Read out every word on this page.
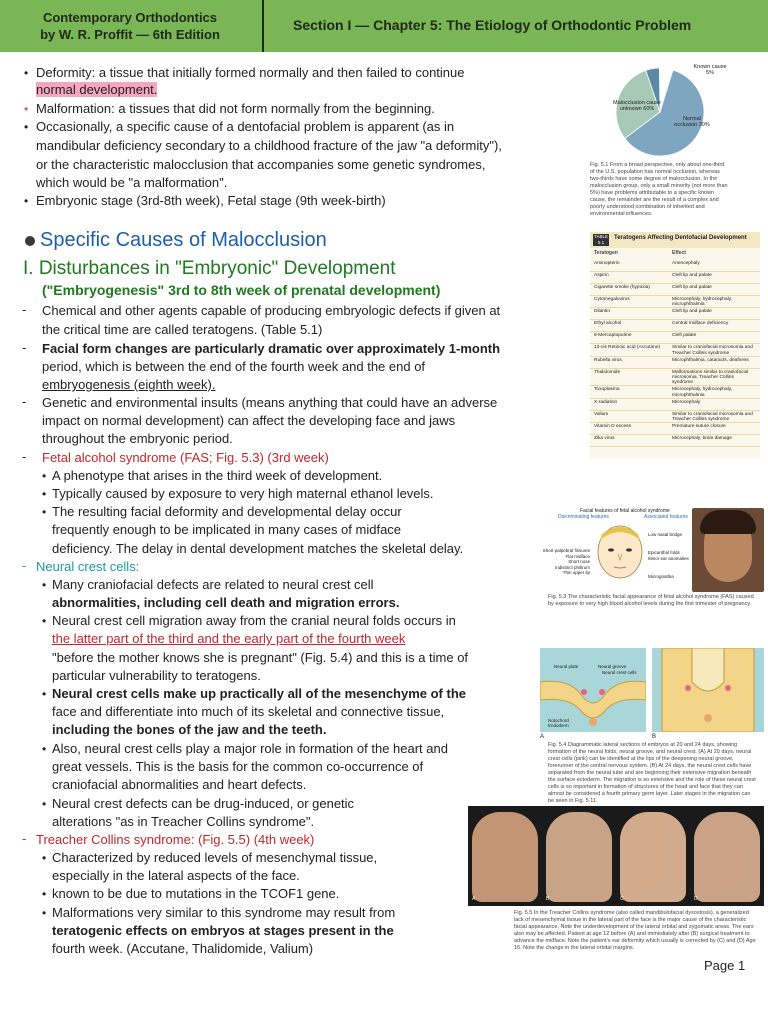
Contemporary Orthodontics
by W. R. Proffit — 6th Edition
Section I — Chapter 5: The Etiology of Orthodontic Problem
• Deformity: a tissue that initially formed normally and then failed to continue
normal development.
• Malformation: a tissues that did not form normally from the beginning.
• Occasionally, a specific cause of a dentofacial problem is apparent (as in
mandibular deficiency secondary to a childhood fracture of the jaw "a deformity"),
or the characteristic malocclusion that accompanies some genetic syndromes,
which would be "a malformation".
• Embryonic stage (3rd-8th week), Fetal stage (9th week-birth)
Specific Causes of Malocclusion
I. Disturbances in "Embryonic" Development
("Embryogenesis" 3rd to 8th week of prenatal development)
- Chemical and other agents capable of producing embryologic defects if given at
the critical time are called teratogens. (Table 5.1)
- Facial form changes are particularly dramatic over approximately 1-month
period, which is between the end of the fourth week and the end of
embryogenesis (eighth week).
- Genetic and environmental insults (means anything that could have an adverse
impact on normal development) can affect the developing face and jaws
throughout the embryonic period.
- Fetal alcohol syndrome (FAS; Fig. 5.3) (3rd week)
• A phenotype that arises in the third week of development.
• Typically caused by exposure to very high maternal ethanol levels.
• The resulting facial deformity and developmental delay occur
frequently enough to be implicated in many cases of midface
deficiency. The delay in dental development matches the skeletal delay.
- Neural crest cells:
• Many craniofacial defects are related to neural crest cell
abnormalities, including cell death and migration errors.
• Neural crest cell migration away from the cranial neural folds occurs in
the latter part of the third and the early part of the fourth week
"before the mother knows she is pregnant" (Fig. 5.4) and this is a time of
particular vulnerability to teratogens.
• Neural crest cells make up practically all of the mesenchyme of the
face and differentiate into much of its skeletal and connective tissue,
including the bones of the jaw and the teeth.
• Also, neural crest cells play a major role in formation of the heart and
great vessels. This is the basis for the common co-occurrence of
craniofacial abnormalities and heart defects.
• Neural crest defects can be drug-induced, or genetic
alterations "as in Treacher Collins syndrome".
- Treacher Collins syndrome: (Fig. 5.5) (4th week)
• Characterized by reduced levels of mesenchymal tissue,
especially in the lateral aspects of the face.
• known to be due to mutations in the TCOF1 gene.
• Malformations very similar to this syndrome may result from
teratogenic effects on embryos at stages present in the
fourth week. (Accutane, Thalidomide, Valium)
Malocclusion cause unknown 60%
Normal occlusion 30%
Known cause 5%
Fig. 5.1 From a broad perspective, only about one-third of the U.S. population has normal occlusion, whereas two-thirds have some degree of malocclusion. In the malocclusion group, only a small minority (not more than 5%) have problems attributable to a specific known cause, the remainder are the result of a complex and poorly understood combination of inherited and environmental influences.
TABLE 5.1
Teratogens Affecting Dentofacial Development
Teratogen	Effect
Aminopterin	Anencephaly
Aspirin	Cleft lip and palate
Cigarette smoke (hypoxia)	Cleft lip and palate
Cytomegalovirus	Microcephaly, hydrocephaly, microphthalmia
Dilantin	Cleft lip and palate
Ethyl alcohol	Central midface deficiency
6-Mercaptopurine	Cleft palate
13-cis Retinoic acid (Accutane)	Similar to craniofacial microsomia and Treacher Collins syndrome
Rubella virus	Microphthalmia, cataracts, deafness
Thalidomide	Malformations similar to craniofacial microsomia, Treacher Collins syndrome
Toxoplasma	Microcephaly, hydrocephaly, microphthalmia
X-radiation	Microcephaly
Valium	Similar to craniofacial microsomia and Treacher Collins syndrome
Vitamin D excess	Premature suture closure
Zika virus	Microcephaly, brain damage
Facial features of fetal alcohol syndrome
Discriminating features	Associated features
Short palpebral fissures
Flat midface
Short nose
Indistinct philtrum
Thin upper lip
Low nasal bridge
Epicanthal folds
Minor ear anomalies
Micrognathia
Fig. 5.3 The characteristic facial appearance of fetal alcohol syndrome (FAS) caused by exposure to very high blood alcohol levels during the first trimester of pregnancy.
Neural plate	Neural groove
Neural crest cells
Notochord
Endoderm
A	B
Fig. 5.4 Diagrammatic lateral sections of embryos at 20 and 24 days, showing formation of the neural folds, neural groove, and neural crest. (A) At 20 days, neural crest cells (pink) can be identified at the lips of the deepening neural groove, forerunner of the central nervous system. (B) At 24 days, the neural crest cells have separated from the neural tube and are beginning their extensive migration beneath the surface ectoderm. The migration is so extensive and the role of these neural crest cells is so important in formation of structures of the head and face that they can almost be considered a fourth primary germ layer. Later stages in the migration can be seen in Fig. 5.11.
A	B	C	D
Fig. 5.5 In the Treacher Collins syndrome (also called mandibulofacial dysostosis), a generalized lack of mesenchymal tissue in the lateral part of the face is the major cause of the characteristic facial appearance. Note the underdevelopment of the lateral orbital and zygomatic areas. The ears also may be affected. Patient at age 12 before (A) and immediately after (B) surgical treatment to advance the midface. Note the patient's ear deformity which usually is corrected by (C) and (D) Age 16. Note the change in the lateral orbital margins.
Page 1
